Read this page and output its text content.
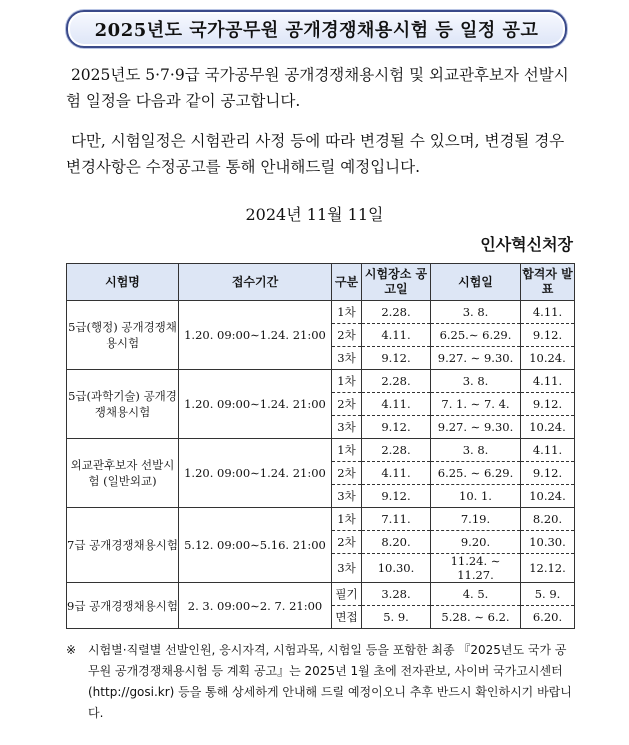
2025년도 국가공무원 공개경쟁채용시험 등 일정 공고
2025년도 5·7·9급 국가공무원 공개경쟁채용시험 및 외교관후보자 선발시험 일정을 다음과 같이 공고합니다.
다만, 시험일정은 시험관리 사정 등에 따라 변경될 수 있으며, 변경될 경우 변경사항은 수정공고를 통해 안내해드릴 예정입니다.
2024년 11월 11일
인사혁신처장
시험명	접수기간	구분	시험장소 공고일	시험일	합격자 발표
5급(행정) 공개경쟁채용시험	1.20. 09:00∼1.24. 21:00	1차	2.28.	3. 8.	4.11.
		2차	4.11.	6.25.∼ 6.29.	9.12.
		3차	9.12.	9.27. ∼ 9.30.	10.24.
5급(과학기술) 공개경쟁채용시험	1.20. 09:00∼1.24. 21:00	1차	2.28.	3. 8.	4.11.
		2차	4.11.	7. 1. ∼ 7. 4.	9.12.
		3차	9.12.	9.27. ∼ 9.30.	10.24.
외교관후보자 선발시험 (일반외교)	1.20. 09:00∼1.24. 21:00	1차	2.28.	3. 8.	4.11.
		2차	4.11.	6.25. ∼ 6.29.	9.12.
		3차	9.12.	10. 1.	10.24.
7급 공개경쟁채용시험	5.12. 09:00∼5.16. 21:00	1차	7.11.	7.19.	8.20.
		2차	8.20.	9.20.	10.30.
		3차	10.30.	11.24. ∼ 11.27.	12.12.
9급 공개경쟁채용시험	2. 3. 09:00∼2. 7. 21:00	필기	3.28.	4. 5.	5. 9.
		면접	5. 9.	5.28. ∼ 6.2.	6.20.
※ 시험별·직렬별 선발인원, 응시자격, 시험과목, 시험일 등을 포함한 최종 『2025년도 국가 공무원 공개경쟁채용시험 등 계획 공고』는 2025년 1월 초에 전자관보, 사이버 국가고시센터(http://gosi.kr) 등을 통해 상세하게 안내해 드릴 예정이오니 추후 반드시 확인하시기 바랍니다.
